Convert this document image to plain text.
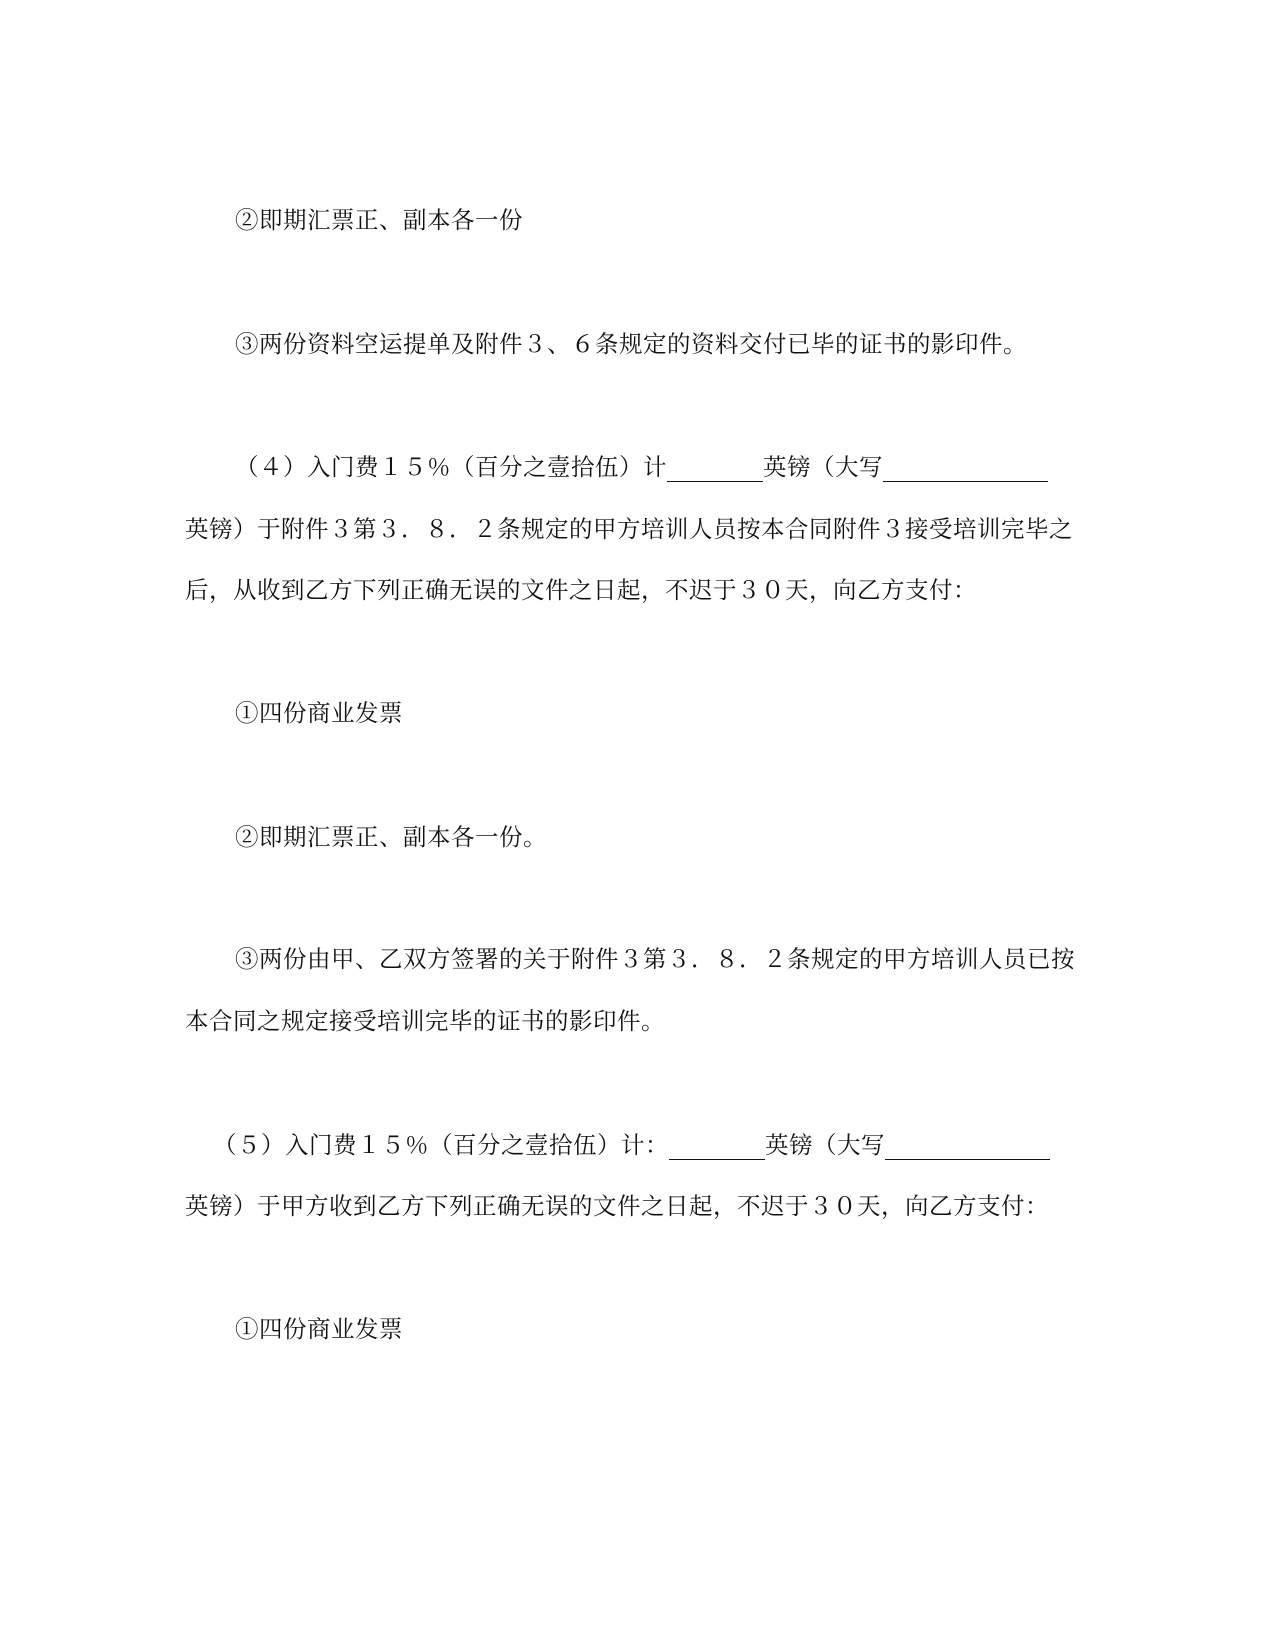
②即期汇票正、副本各一份
③两份资料空运提单及附件３、６条规定的资料交付已毕的证书的影印件。
（４）入门费１５％（百分之壹拾伍）计	英镑（大写
英镑）于附件３第３．８．２条规定的甲方培训人员按本合同附件３接受培训完毕之
后，从收到乙方下列正确无误的文件之日起，不迟于３０天，向乙方支付：
①四份商业发票
②即期汇票正、副本各一份。
③两份由甲、乙双方签署的关于附件３第３．８．２条规定的甲方培训人员已按
本合同之规定接受培训完毕的证书的影印件。
（５）入门费１５％（百分之壹拾伍）计：	英镑（大写
英镑）于甲方收到乙方下列正确无误的文件之日起，不迟于３０天，向乙方支付：
①四份商业发票
